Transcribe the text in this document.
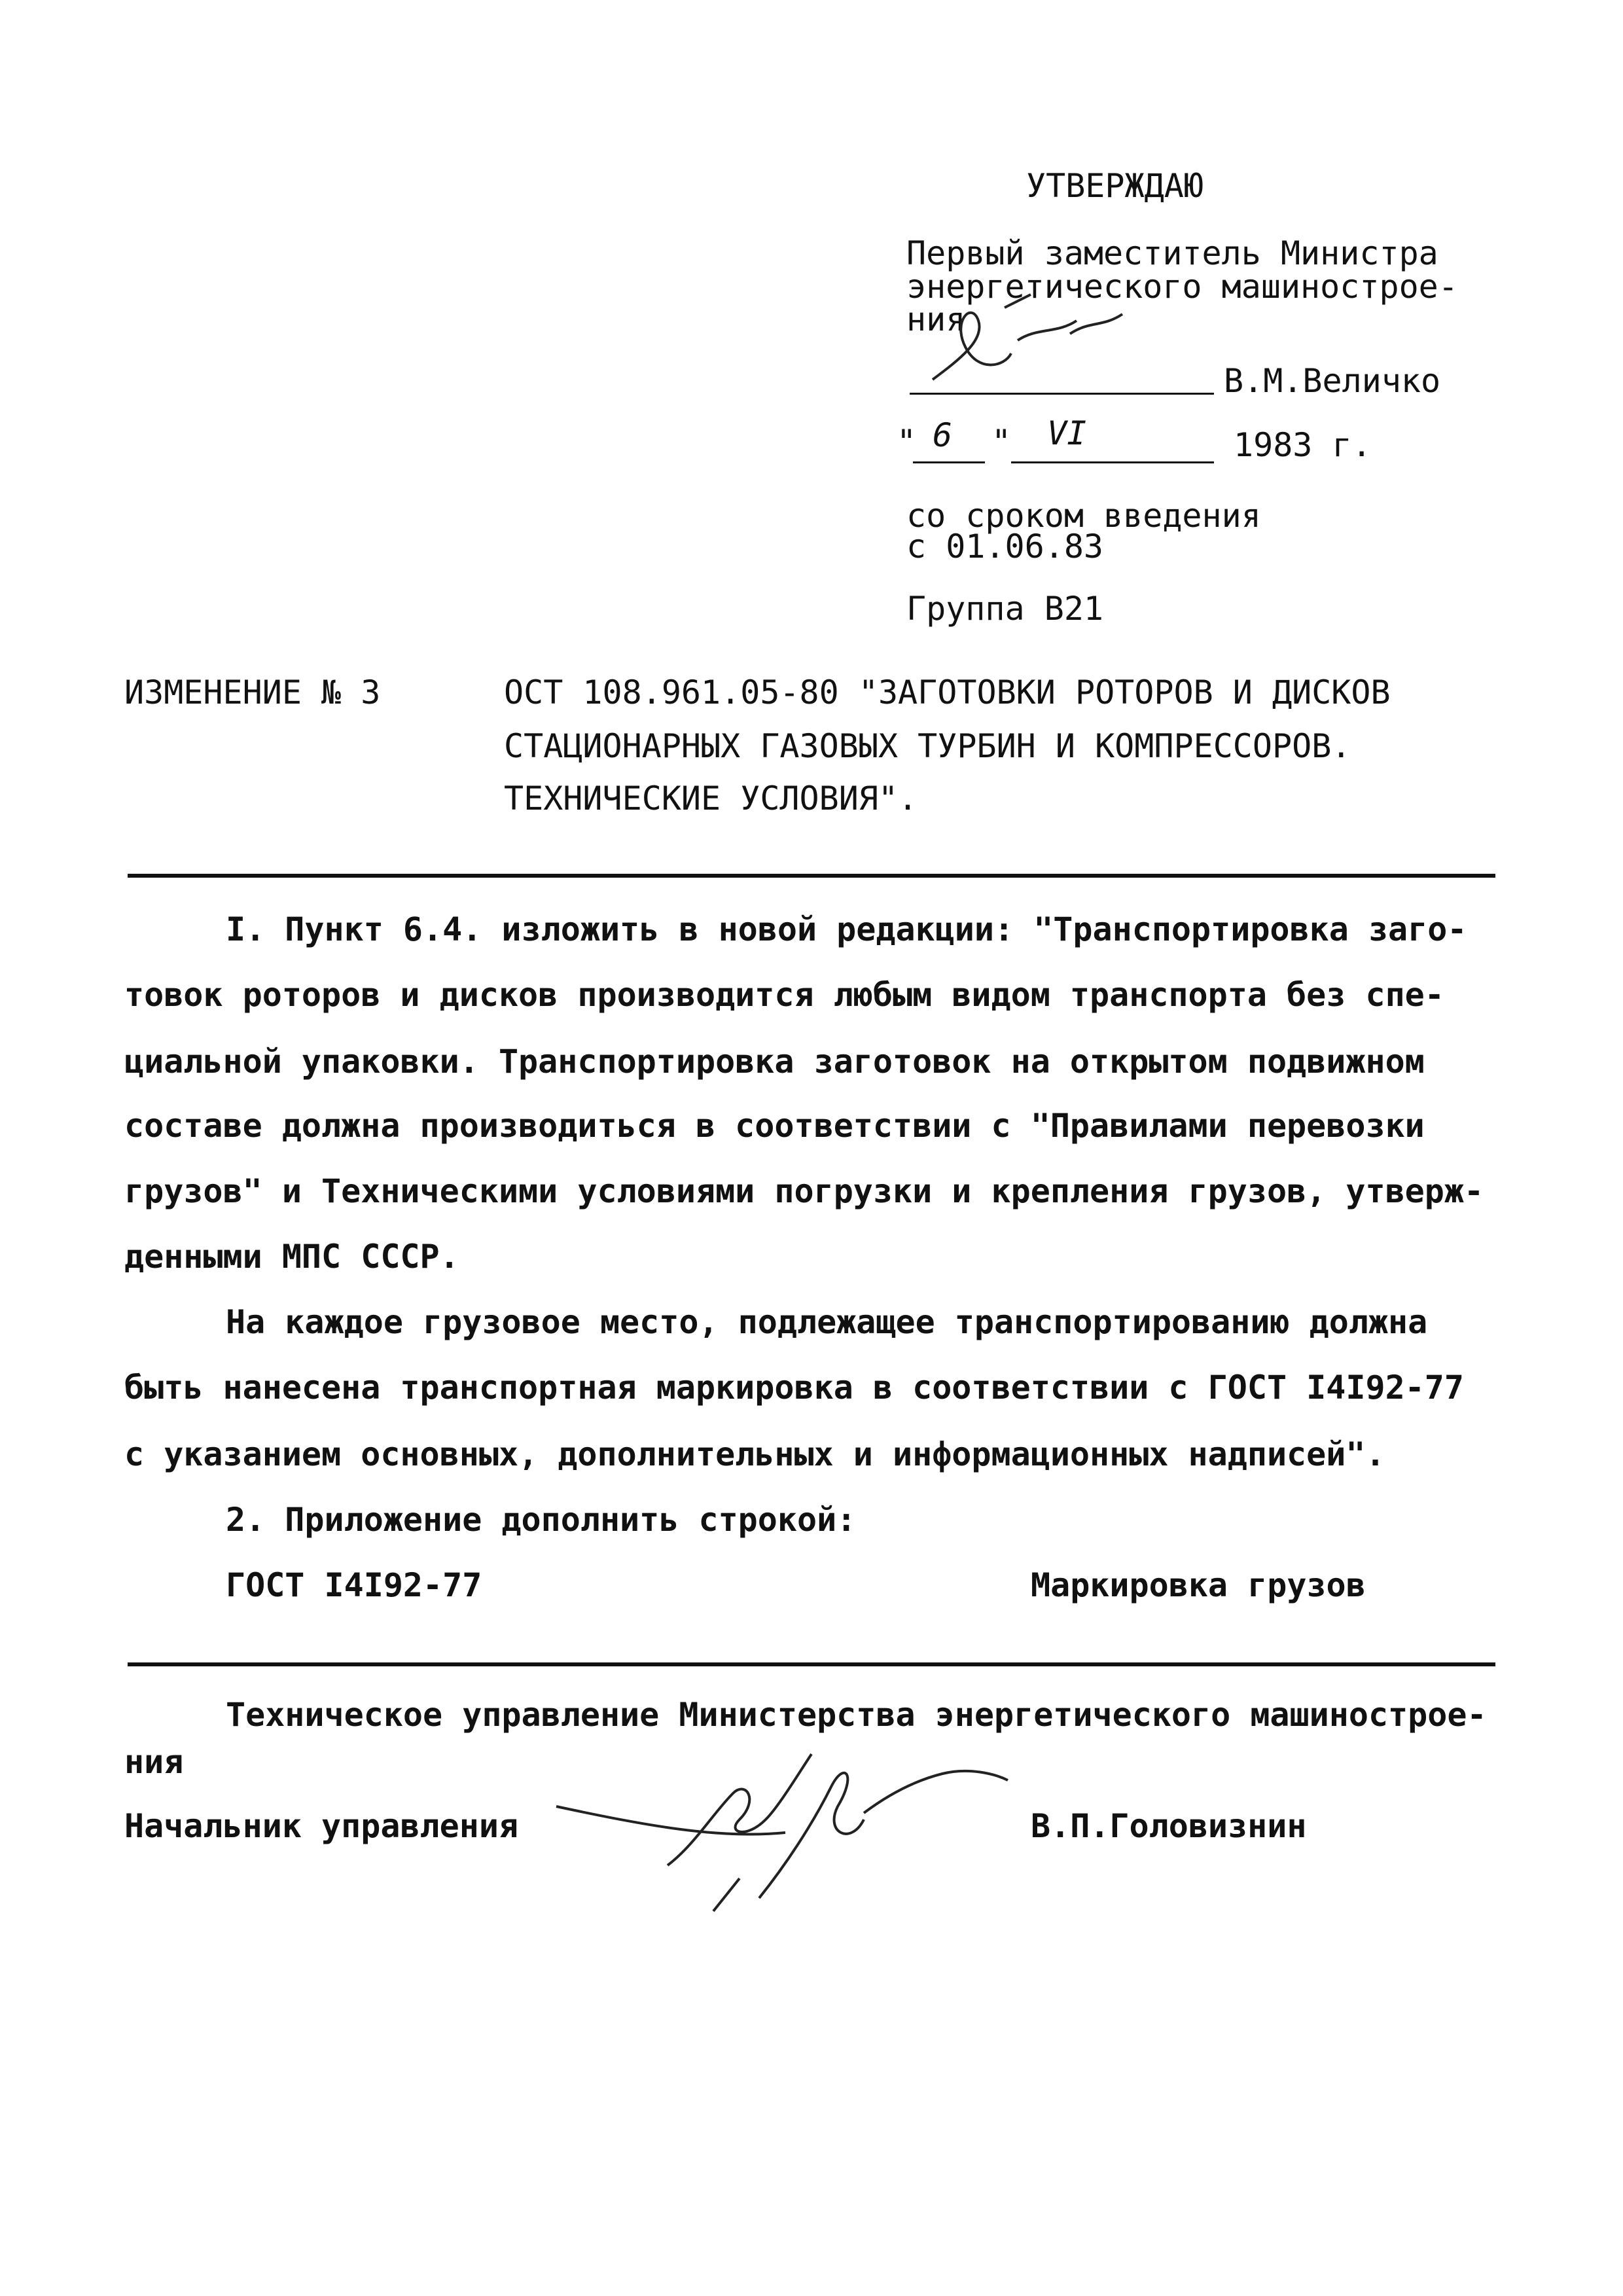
УТВЕРЖДАЮ
Первый заместитель Министра
энергетического машинострое-
ния
В.М.Величко
" 6 " VI	1983 г.
со сроком введения
с 01.06.83
Группа В21
ИЗМЕНЕНИЕ № 3	ОСТ 108.961.05-80 "ЗАГОТОВКИ РОТОРОВ И ДИСКОВ
СТАЦИОНАРНЫХ ГАЗОВЫХ ТУРБИН И КОМПРЕССОРОВ.
ТЕХНИЧЕСКИЕ УСЛОВИЯ".
I. Пункт 6.4. изложить в новой редакции: "Транспортировка заго-
товок роторов и дисков производится любым видом транспорта без спе-
циальной упаковки. Транспортировка заготовок на открытом подвижном
составе должна производиться в соответствии с "Правилами перевозки
грузов" и Техническими условиями погрузки и крепления грузов, утверж-
денными МПС СССР.
На каждое грузовое место, подлежащее транспортированию должна
быть нанесена транспортная маркировка в соответствии с ГОСТ I4I92-77
с указанием основных, дополнительных и информационных надписей".
2. Приложение дополнить строкой:
ГОСТ I4I92-77	Маркировка грузов
Техническое управление Министерства энергетического машинострое-
ния
Начальник управления	В.П.Головизнин
